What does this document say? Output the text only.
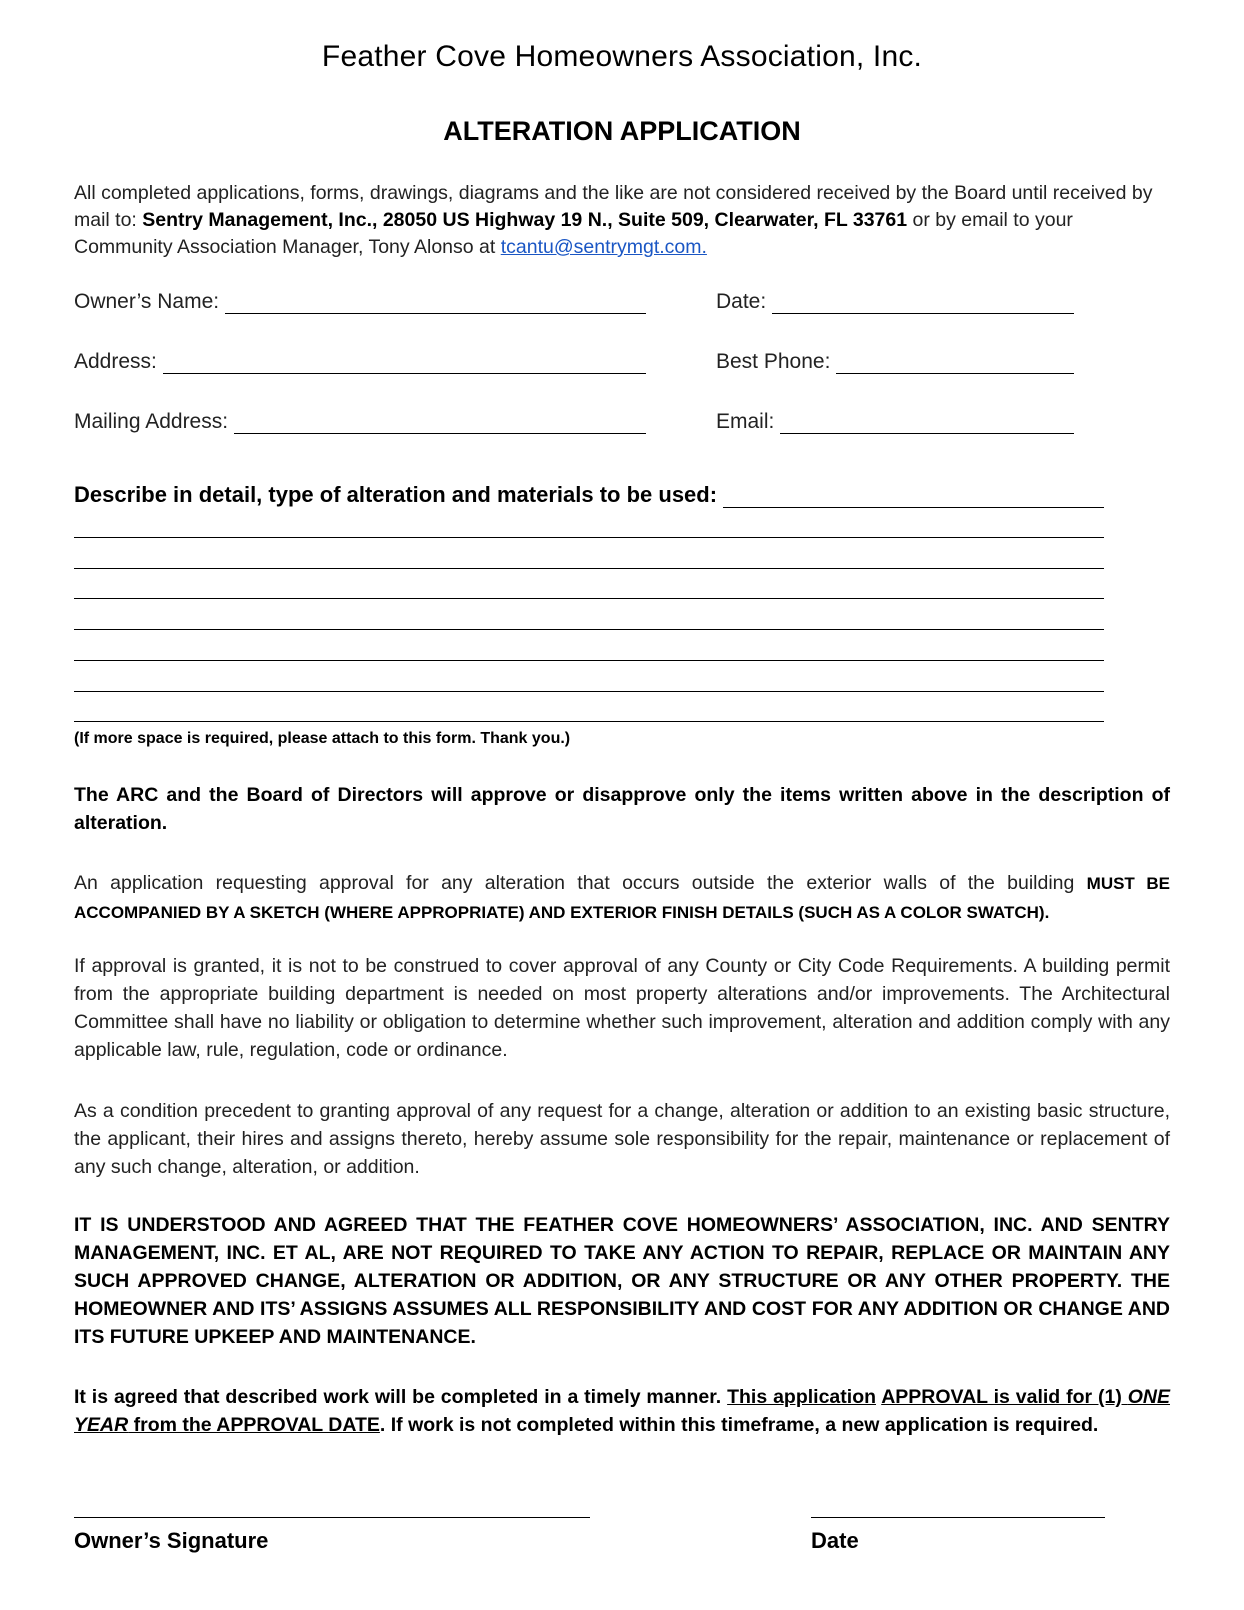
Feather Cove Homeowners Association, Inc.
ALTERATION APPLICATION
All completed applications, forms, drawings, diagrams and the like are not considered received by the Board until received by mail to: Sentry Management, Inc., 28050 US Highway 19 N., Suite 509, Clearwater, FL 33761 or by email to your Community Association Manager, Tony Alonso at tcantu@sentrymgt.com.
Owner’s Name:	Date:
Address:	Best Phone:
Mailing Address:	Email:
Describe in detail, type of alteration and materials to be used:
(If more space is required, please attach to this form. Thank you.)
The ARC and the Board of Directors will approve or disapprove only the items written above in the description of alteration.
An application requesting approval for any alteration that occurs outside the exterior walls of the building MUST BE ACCOMPANIED BY A SKETCH (WHERE APPROPRIATE) AND EXTERIOR FINISH DETAILS (SUCH AS A COLOR SWATCH).
If approval is granted, it is not to be construed to cover approval of any County or City Code Requirements. A building permit from the appropriate building department is needed on most property alterations and/or improvements. The Architectural Committee shall have no liability or obligation to determine whether such improvement, alteration and addition comply with any applicable law, rule, regulation, code or ordinance.
As a condition precedent to granting approval of any request for a change, alteration or addition to an existing basic structure, the applicant, their hires and assigns thereto, hereby assume sole responsibility for the repair, maintenance or replacement of any such change, alteration, or addition.
IT IS UNDERSTOOD AND AGREED THAT THE FEATHER COVE HOMEOWNERS’ ASSOCIATION, INC. AND SENTRY MANAGEMENT, INC. ET AL, ARE NOT REQUIRED TO TAKE ANY ACTION TO REPAIR, REPLACE OR MAINTAIN ANY SUCH APPROVED CHANGE, ALTERATION OR ADDITION, OR ANY STRUCTURE OR ANY OTHER PROPERTY. THE HOMEOWNER AND ITS’ ASSIGNS ASSUMES ALL RESPONSIBILITY AND COST FOR ANY ADDITION OR CHANGE AND ITS FUTURE UPKEEP AND MAINTENANCE.
It is agreed that described work will be completed in a timely manner. This application APPROVAL is valid for (1) ONE YEAR from the APPROVAL DATE. If work is not completed within this timeframe, a new application is required.
Owner’s Signature	Date
